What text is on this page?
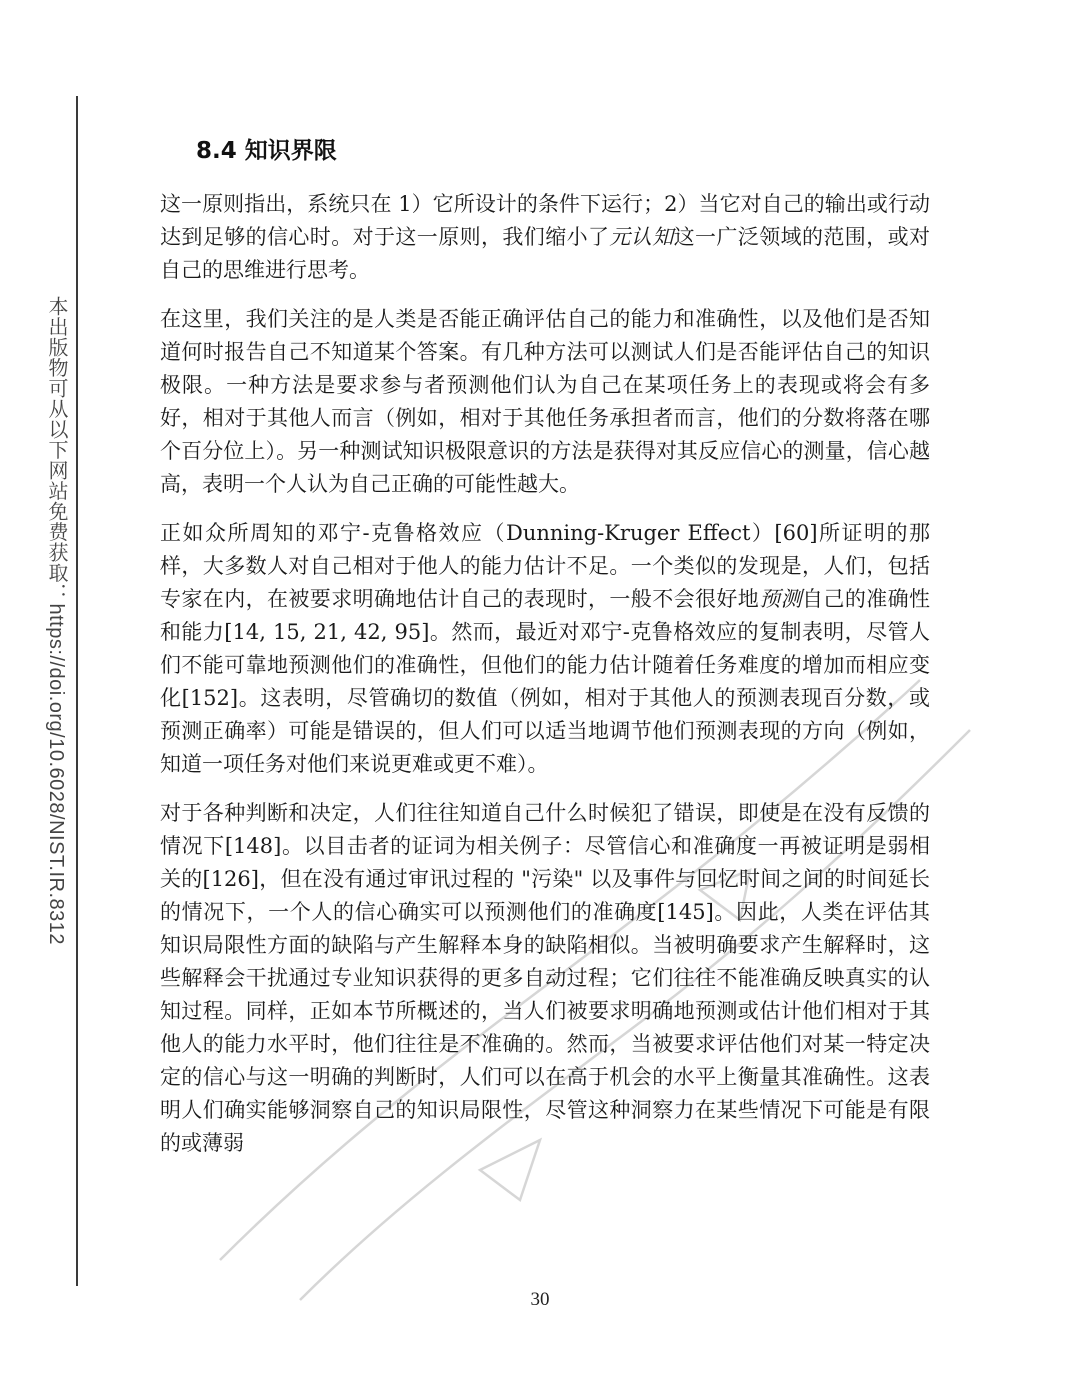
本出版物可从以下网站免费获取：https://doi.org/10.6028/NIST.IR.8312
8.4 知识界限

这一原则指出，系统只在 1）它所设计的条件下运行；2）当它对自己的输出或行动达到足够的信心时。对于这一原则，我们缩小了元认知这一广泛领域的范围，或对自己的思维进行思考。

在这里，我们关注的是人类是否能正确评估自己的能力和准确性，以及他们是否知道何时报告自己不知道某个答案。有几种方法可以测试人们是否能评估自己的知识极限。一种方法是要求参与者预测他们认为自己在某项任务上的表现或将会有多好，相对于其他人而言（例如，相对于其他任务承担者而言，他们的分数将落在哪个百分位上）。另一种测试知识极限意识的方法是获得对其反应信心的测量，信心越高，表明一个人认为自己正确的可能性越大。

正如众所周知的邓宁-克鲁格效应（Dunning-Kruger Effect）[60]所证明的那样，大多数人对自己相对于他人的能力估计不足。一个类似的发现是，人们，包括专家在内，在被要求明确地估计自己的表现时，一般不会很好地预测自己的准确性和能力[14, 15, 21, 42, 95]。然而，最近对邓宁-克鲁格效应的复制表明，尽管人们不能可靠地预测他们的准确性，但他们的能力估计随着任务难度的增加而相应变化[152]。这表明，尽管确切的数值（例如，相对于其他人的预测表现百分数，或预测正确率）可能是错误的，但人们可以适当地调节他们预测表现的方向（例如，知道一项任务对他们来说更难或更不难）。

对于各种判断和决定，人们往往知道自己什么时候犯了错误，即使是在没有反馈的情况下[148]。以目击者的证词为相关例子：尽管信心和准确度一再被证明是弱相关的[126]，但在没有通过审讯过程的 "污染" 以及事件与回忆时间之间的时间延长的情况下，一个人的信心确实可以预测他们的准确度[145]。因此，人类在评估其知识局限性方面的缺陷与产生解释本身的缺陷相似。当被明确要求产生解释时，这些解释会干扰通过专业知识获得的更多自动过程；它们往往不能准确反映真实的认知过程。同样，正如本节所概述的，当人们被要求明确地预测或估计他们相对于其他人的能力水平时，他们往往是不准确的。然而，当被要求评估他们对某一特定决定的信心与这一明确的判断时，人们可以在高于机会的水平上衡量其准确性。这表明人们确实能够洞察自己的知识局限性，尽管这种洞察力在某些情况下可能是有限的或薄弱

30
